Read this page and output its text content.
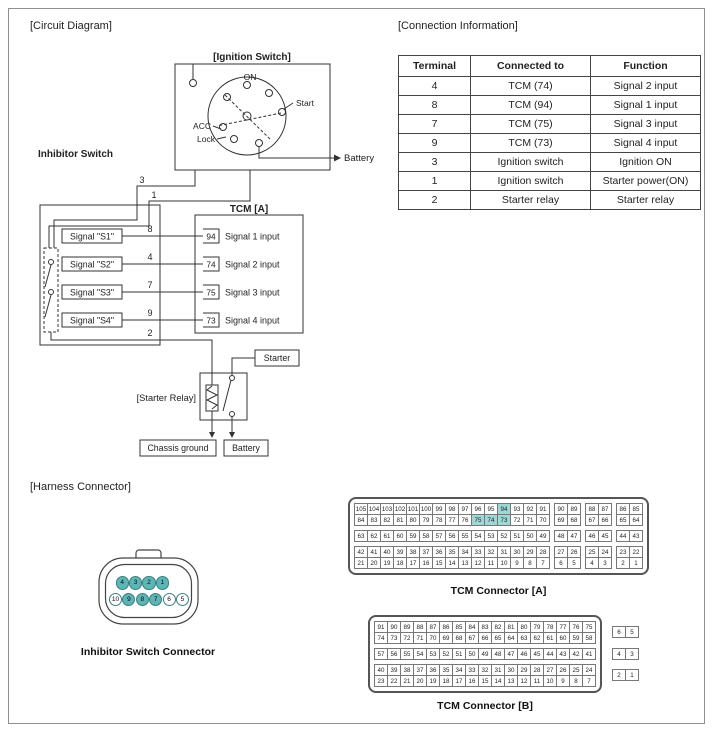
[Circuit Diagram]	[Connection Information]
[Harness Connector]
Terminal	Connected to	Function
4	TCM (74)	Signal 2 input
8	TCM (94)	Signal 1 input
7	TCM (75)	Signal 3 input
9	TCM (73)	Signal 4 input
3	Ignition switch	Ignition ON
1	Ignition switch	Starter power(ON)
2	Starter relay	Starter relay
[Ignition Switch]
ON
Start
ACC
Lock
Battery
3
1
Inhibitor Switch
Signal "S1"
Signal "S2"
Signal "S3"
Signal "S4"
8
4
7
9
TCM [A]
94
74
75
73
Signal 1 input
Signal 2 input
Signal 3 input
Signal 4 input
2
Starter
[Starter Relay]
Chassis ground	Battery
4	3	2	1
10	9	8	7	6	5
Inhibitor Switch Connector
105 104 103 102 101 100 99 98 97 96 95 94 93 92 91	90 89	88 87	86 85
84 83 82 81 80 79 78 77 76 75 74 73 72 71 70	69 68	67 66	65 64
63 62 61 60 59 58 57 56 55 54 53 52 51 50 49	48 47	46 45	44 43
42 41 40 39 38 37 36 35 34 33 32 31 30 29 28	27 26	25 24	23 22
21 20 19 18 17 16 15 14 13 12	11	10	9	8	7	6	5	4	3	2	1
TCM Connector [A]
91 90 89 88 87 86 85 84 83 82 81 80 79 78 77 76 75
74 73 72 71 70 69 68 67 66 65 64 63 62 61 60 59 58
57 56 55 54 53 52 51 50 49 48 47 46 45 44 43 42 41
40 39 38 37 36 35 34 33 32 31 30 29 28 27 26 25 24
23 22 21 20 19 18 17 16 15 14 13 12	11	10	9	8	7
6	5
4	3
2	1
TCM Connector [B]
